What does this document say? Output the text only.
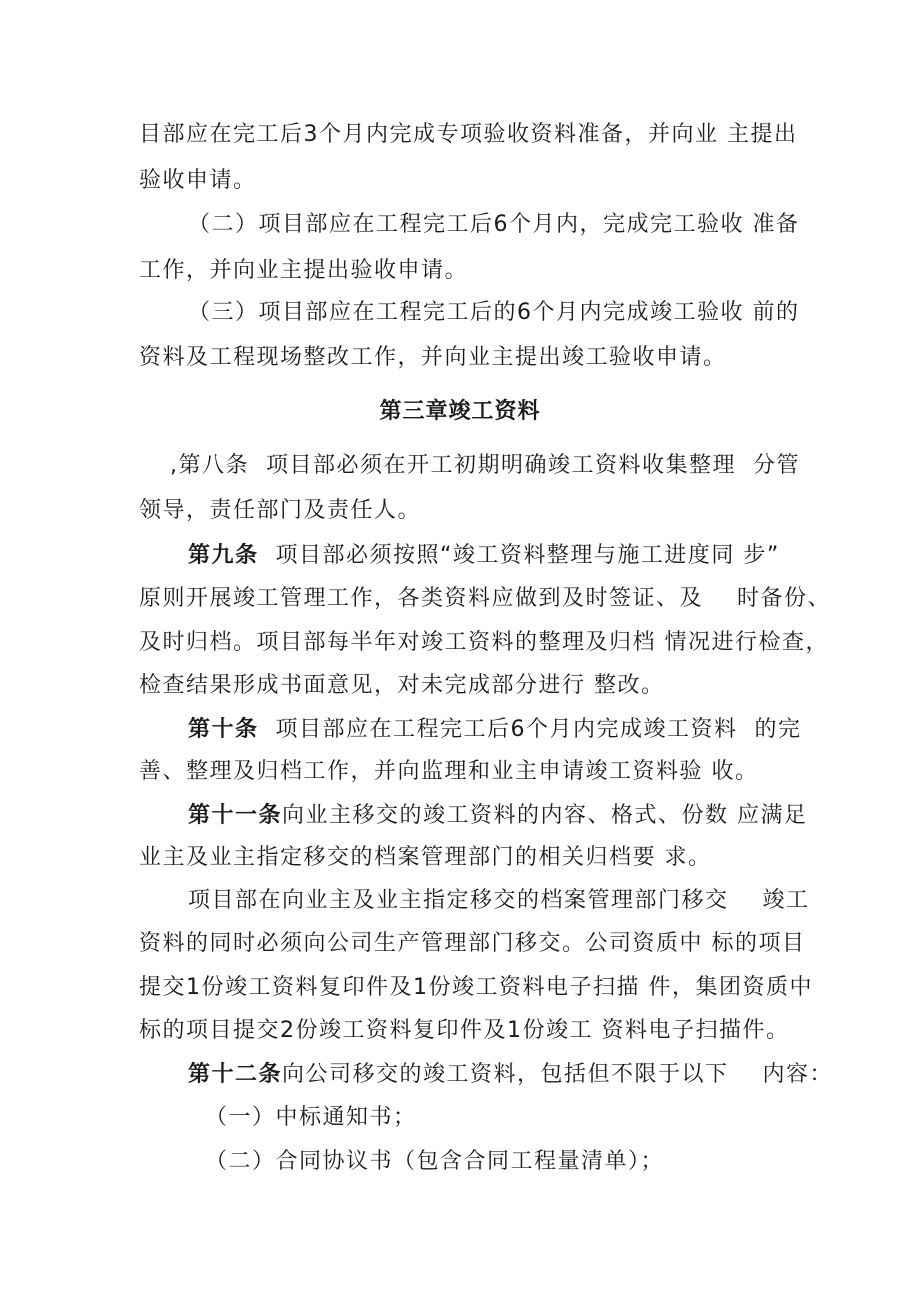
目部应在完工后3个月内完成专项验收资料准备，并向业 主提出
验收申请。
（二）项目部应在工程完工后6个月内，完成完工验收 准备
工作，并向业主提出验收申请。
（三）项目部应在工程完工后的6个月内完成竣工验收 前的
资料及工程现场整改工作，并向业主提出竣工验收申请。
第三章竣工资料
,第八条  项目部必须在开工初期明确竣工资料收集整理  分管
领导，责任部门及责任人。
第九条  项目部必须按照“竣工资料整理与施工进度同 步”
原则开展竣工管理工作，各类资料应做到及时签证、及    时备份、
及时归档。项目部每半年对竣工资料的整理及归档 情况进行检查，
检查结果形成书面意见，对未完成部分进行 整改。
第十条  项目部应在工程完工后6个月内完成竣工资料  的完
善、整理及归档工作，并向监理和业主申请竣工资料验 收。
第十一条向业主移交的竣工资料的内容、格式、份数 应满足
业主及业主指定移交的档案管理部门的相关归档要 求。
项目部在向业主及业主指定移交的档案管理部门移交    竣工
资料的同时必须向公司生产管理部门移交。公司资质中 标的项目
提交1份竣工资料复印件及1份竣工资料电子扫描 件，集团资质中
标的项目提交2份竣工资料复印件及1份竣工 资料电子扫描件。
第十二条向公司移交的竣工资料，包括但不限于以下    内容：
（一）中标通知书；
（二）合同协议书（包含合同工程量清单）；
